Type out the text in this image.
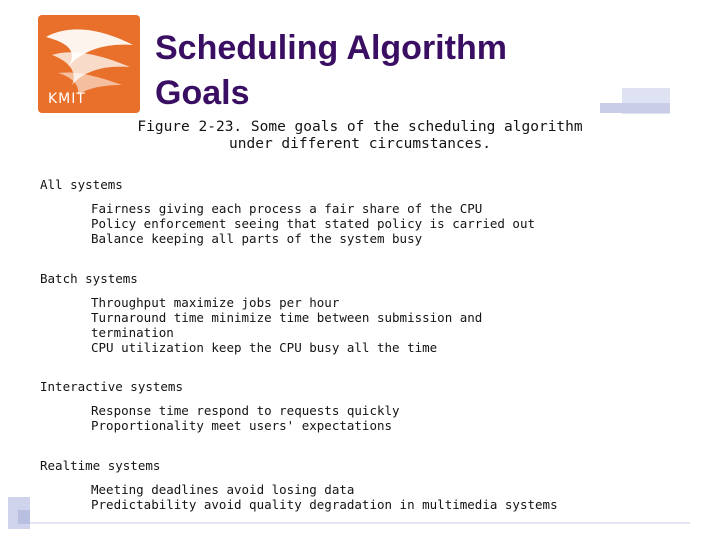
KMIT
Scheduling Algorithm
Goals

Figure 2-23. Some goals of the scheduling algorithm
under different circumstances.

All systems

Fairness giving each process a fair share of the CPU
Policy enforcement seeing that stated policy is carried out
Balance keeping all parts of the system busy

Batch systems

Throughput maximize jobs per hour
Turnaround time minimize time between submission and
termination
CPU utilization keep the CPU busy all the time

Interactive systems

Response time respond to requests quickly
Proportionality meet users' expectations

Realtime systems

Meeting deadlines avoid losing data
Predictability avoid quality degradation in multimedia systems
